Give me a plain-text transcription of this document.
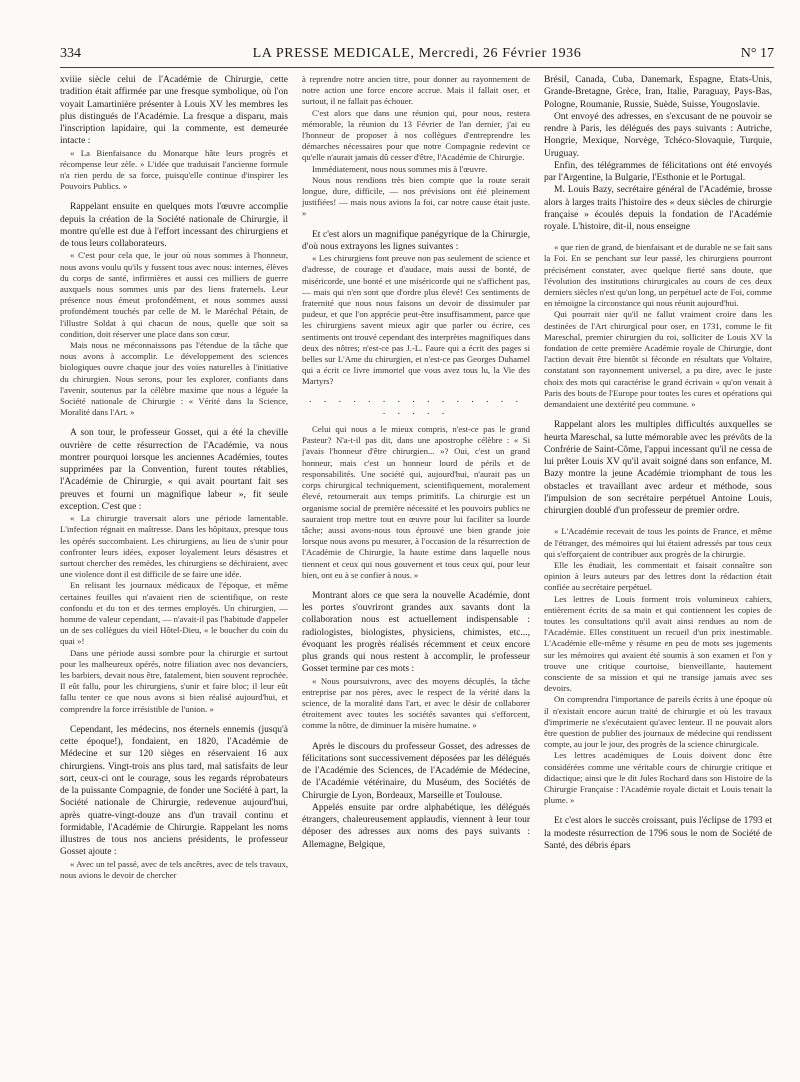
334	LA PRESSE MEDICALE, Mercredi, 26 Février 1936	N° 17

xviiie siècle celui de l'Académie de Chirurgie, cette tradition était affirmée par une fresque symbolique, où l'on voyait Lamartinière présenter à Louis XV les membres les plus distingués de l'Académie. La fresque a disparu, mais l'inscription lapidaire, qui la commente, est demeurée intacte :

« La Bienfaisance du Monarque hâte leurs progrès et récompense leur zèle. » L'idée que traduisait l'ancienne formule n'a rien perdu de sa force, puisqu'elle continue d'inspirer les Pouvoirs Publics. »

Rappelant ensuite en quelques mots l'œuvre accomplie depuis la création de la Société nationale de Chirurgie, il montre qu'elle est due à l'effort incessant des chirurgiens et de tous leurs collaborateurs.

« C'est pour cela que, le jour où nous sommes à l'honneur, nous avons voulu qu'ils y fussent tous avec nous: internes, élèves du corps de santé, infirmières et aussi ces milliers de guerre auxquels nous sommes unis par des liens fraternels. Leur présence nous émeut profondément, et nous sommes aussi profondément touchés par celle de M. le Maréchal Pétain, de l'illustre Soldat à qui chacun de nous, quelle que soit sa condition, doit réserver une place dans son cœur.

Mais nous ne méconnaissons pas l'étendue de la tâche que nous avons à accomplir. Le développement des sciences biologiques ouvre chaque jour des voies naturelles à l'initiative du chirurgien. Nous serons, pour les explorer, confiants dans l'avenir, soutenus par la célèbre maxime que nous a léguée la Société nationale de Chirurgie : « Vérité dans la Science, Moralité dans l'Art. »

A son tour, le professeur Gosset, qui a été la cheville ouvrière de cette résurrection de l'Académie, va nous montrer pourquoi lorsque les anciennes Académies, toutes supprimées par la Convention, furent toutes rétablies, l'Académie de Chirurgie, « qui avait pourtant fait ses preuves et fourni un magnifique labeur », fit seule exception. C'est que :

« La chirurgie traversait alors une période lamentable. L'infection régnait en maîtresse. Dans les hôpitaux, presque tous les opérés succombaient. Les chirurgiens, au lieu de s'unir pour confronter leurs idées, exposer loyalement leurs désastres et surtout chercher des remèdes, les chirurgiens se déchiraient, avec une violence dont il est difficile de se faire une idée.

En relisant les journaux médicaux de l'époque, et même certaines feuilles qui n'avaient rien de scientifique, on reste confondu et du ton et des termes employés. Un chirurgien, — homme de valeur cependant, — n'avait-il pas l'habitude d'appeler un de ses collègues du vieil Hôtel-Dieu, « le boucher du coin du quai »!

Dans une période aussi sombre pour la chirurgie et surtout pour les malheureux opérés, notre filiation avec nos devanciers, les barbiers, devait nous être, fatalement, bien souvent reprochée. Il eût fallu, pour les chirurgiens, s'unir et faire bloc; il leur eût fallu tenter ce que nous avons si bien réalisé aujourd'hui, et comprendre la force irrésistible de l'union. »

Cependant, les médecins, nos éternels ennemis (jusqu'à cette époque!), fondaient, en 1820, l'Académie de Médecine et sur 120 sièges en réservaient 16 aux chirurgiens. Vingt-trois ans plus tard, mal satisfaits de leur sort, ceux-ci ont le courage, sous les regards réprobateurs de la puissante Compagnie, de fonder une Société à part, la Société nationale de Chirurgie, redevenue aujourd'hui, après quatre-vingt-douze ans d'un travail continu et formidable, l'Académie de Chirurgie. Rappelant les noms illustres de tous nos anciens présidents, le professeur Gosset ajoute :

« Avec un tel passé, avec de tels ancêtres, avec de tels travaux, nous avions le devoir de chercher

à reprendre notre ancien titre, pour donner au rayonnement de notre action une force encore accrue. Mais il fallait oser, et surtout, il ne fallait pas échouer.

C'est alors que dans une réunion qui, pour nous, restera mémorable, la réunion du 13 Février de l'an dernier, j'ai eu l'honneur de proposer à nos collègues d'entreprendre les démarches nécessaires pour que notre Compagnie redevint ce qu'elle n'aurait jamais dû cesser d'être, l'Académie de Chirurgie.

Immédiatement, nous nous sommes mis à l'œuvre.

Nous nous rendions très bien compte que la route serait longue, dure, difficile, — nos prévisions ont été pleinement justifiées! — mais nous avions la foi, car notre cause était juste. »

Et c'est alors un magnifique panégyrique de la Chirurgie, d'où nous extrayons les lignes suivantes :

« Les chirurgiens font preuve non pas seulement de science et d'adresse, de courage et d'audace, mais aussi de bonté, de miséricorde, une bonté et une miséricorde qui ne s'affichent pas, — mais qui n'en sont que d'ordre plus élevé! Ces sentiments de fraternité que nous nous faisons un devoir de dissimuler par pudeur, et que l'on apprécie peut-être insuffisamment, parce que les chirurgiens savent mieux agir que parler ou écrire, ces sentiments ont trouvé cependant des interprètes magnifiques dans deux des nôtres; n'est-ce pas J.-L. Faure qui a écrit des pages si belles sur L'Ame du chirurgien, et n'est-ce pas Georges Duhamel qui a écrit ce livre immortel que vous avez tous lu, la Vie des Martyrs?

. . . . . . . . . . . . . . . . . . . .

Celui qui nous a le mieux compris, n'est-ce pas le grand Pasteur? N'a-t-il pas dit, dans une apostrophe célèbre : « Si j'avais l'honneur d'être chirurgien... »? Oui, c'est un grand honneur, mais c'est un honneur lourd de périls et de responsabilités. Une société qui, aujourd'hui, n'aurait pas un corps chirurgical techniquement, scientifiquement, moralement élevé, retournerait aux temps primitifs. La chirurgie est un organisme social de première nécessité et les pouvoirs publics ne sauraient trop mettre tout en œuvre pour lui faciliter sa lourde tâche; aussi avons-nous tous éprouvé une bien grande joie lorsque nous avons pu mesurer, à l'occasion de la résurrection de l'Académie de Chirurgie, la haute estime dans laquelle nous tiennent et ceux qui nous gouvernent et tous ceux qui, pour leur bien, ont eu à se confier à nous. »

Montrant alors ce que sera la nouvelle Académie, dont les portes s'ouvriront grandes aux savants dont la collaboration nous est actuellement indispensable : radiologistes, biologistes, physiciens, chimistes, etc..., évoquant les progrès réalisés récemment et ceux encore plus grands qui nous restent à accomplir, le professeur Gosset termine par ces mots :

« Nous poursuivrons, avec des moyens décuplés, la tâche entreprise par nos pères, avec le respect de la vérité dans la science, de la moralité dans l'art, et avec le désir de collaborer étroitement avec toutes les sociétés savantes qui s'efforcent, comme la nôtre, de diminuer la misère humaine. »

Après le discours du professeur Gosset, des adresses de félicitations sont successivement déposées par les délégués de l'Académie des Sciences, de l'Académie de Médecine, de l'Académie vétérinaire, du Muséum, des Sociétés de Chirurgie de Lyon, Bordeaux, Marseille et Toulouse.

Appelés ensuite par ordre alphabétique, les délégués étrangers, chaleureusement applaudis, viennent à leur tour déposer des adresses aux noms des pays suivants : Allemagne, Belgique,

Brésil, Canada, Cuba, Danemark, Espagne, Etats-Unis, Grande-Bretagne, Grèce, Iran, Italie, Paraguay, Pays-Bas, Pologne, Roumanie, Russie, Suède, Suisse, Yougoslavie.

Ont envoyé des adresses, en s'excusant de ne pouvoir se rendre à Paris, les délégués des pays suivants : Autriche, Hongrie, Mexique, Norvège, Tchéco-Slovaquie, Turquie, Uruguay.

Enfin, des télégrammes de félicitations ont été envoyés par l'Argentine, la Bulgarie, l'Esthonie et le Portugal.

M. Louis Bazy, secrétaire général de l'Académie, brosse alors à larges traits l'histoire des « deux siècles de chirurgie française » écoulés depuis la fondation de l'Académie royale. L'histoire, dit-il, nous enseigne

« que rien de grand, de bienfaisant et de durable ne se fait sans la Foi. En se penchant sur leur passé, les chirurgiens pourront précisément constater, avec quelque fierté sans doute, que l'évolution des institutions chirurgicales au cours de ces deux derniers siècles n'est qu'un long, un perpétuel acte de Foi, comme en témoigne la circonstance qui nous réunit aujourd'hui.

Qui pourrait nier qu'il ne fallut vraiment croire dans les destinées de l'Art chirurgical pour oser, en 1731, comme le fit Mareschal, premier chirurgien du roi, solliciter de Louis XV la fondation de cette première Académie royale de Chirurgie, dont l'action devait être bientôt si féconde en résultats que Voltaire, constatant son rayonnement universel, a pu dire, avec le juste choix des mots qui caractérise le grand écrivain « qu'on venait à Paris des bouts de l'Europe pour toutes les cures et opérations qui demandaient une dextérité peu commune. »

Rappelant alors les multiples difficultés auxquelles se heurta Mareschal, sa lutte mémorable avec les prévôts de la Confrérie de Saint-Côme, l'appui incessant qu'il ne cessa de lui prêter Louis XV qu'il avait soigné dans son enfance, M. Bazy montre la jeune Académie triomphant de tous les obstacles et travaillant avec ardeur et méthode, sous l'impulsion de son secrétaire perpétuel Antoine Louis, chirurgien doublé d'un professeur de premier ordre.

« L'Académie recevait de tous les points de France, et même de l'étranger, des mémoires qui lui étaient adressés par tous ceux qui s'efforçaient de contribuer aux progrès de la chirurgie.

Elle les étudiait, les commentait et faisait connaître son opinion à leurs auteurs par des lettres dont la rédaction était confiée au secrétaire perpétuel.

Les lettres de Louis forment trois volumineux cahiers, entièrement écrits de sa main et qui contiennent les copies de toutes les consultations qu'il avait ainsi rendues au nom de l'Académie. Elles constituent un recueil d'un prix inestimable. L'Académie elle-même y résume en peu de mots ses jugements sur les mémoires qui avaient été soumis à son examen et l'on y trouve une critique courtoise, bienveillante, hautement consciente de sa mission et qui ne transige jamais avec ses devoirs.

On comprendra l'importance de pareils écrits à une époque où il n'existait encore aucun traité de chirurgie et où les travaux d'imprimerie ne s'exécutaient qu'avec lenteur. Il ne pouvait alors être question de publier des journaux de médecine qui rendissent compte, au jour le jour, des progrès de la science chirurgicale.

Les lettres académiques de Louis doivent donc être considérées comme une véritable cours de chirurgie critique et didactique; ainsi que le dit Jules Rochard dans son Histoire de la Chirurgie Française : l'Académie royale dictait et Louis tenait la plume. »

Et c'est alors le succès croissant, puis l'éclipse de 1793 et la modeste résurrection de 1796 sous le nom de Société de Santé, des débris épars
